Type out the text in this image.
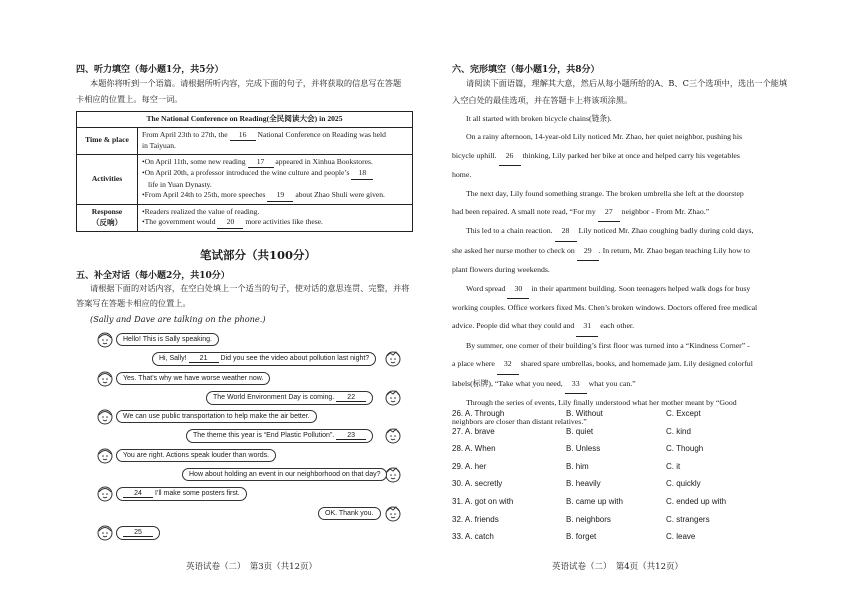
四、听力填空（每小题1分，共5分）
本题你将听到一个语篇。请根据所听内容，完成下面的句子，并将获取的信息写在答题
卡相应的位置上。每空一词。
The National Conference on Reading(全民阅读大会) in 2025	
Time & place	From April 23th to 27th, the 16 National Conference on Reading was held
in Taiyuan.
Activities	•On April 11th, some new reading 17 appeared in Xinhua Bookstores.
•On April 20th, a professor introduced the wine culture and people’s 18
life in Yuan Dynasty.
•From April 24th to 25th, more speeches 19 about Zhao Shuli were given.
Response
（反响）	•Readers realized the value of reading.
•The government would 20 more activities like these.
笔试部分（共100分）
五、补全对话（每小题2分，共10分）
请根据下面的对话内容，在空白处填上一个适当的句子，使对话的意思连贯、完整，并将
答案写在答题卡相应的位置上。
(Sally and Dave are talking on the phone.)
Hello! This is Sally speaking.
Hi, Sally! 21 Did you see the video about pollution last night?
Yes. That’s why we have worse weather now.
The World Environment Day is coming. 22
We can use public transportation to help make the air better.
The theme this year is “End Plastic Pollution”. 23
You are right. Actions speak louder than words.
How about holding an event in our neighborhood on that day?
24 I’ll make some posters first.
OK. Thank you.
25
英语试卷（二）　第3页（共12页）
六、完形填空（每小题1分，共8分）
请阅读下面语篇，理解其大意，然后从每小题所给的A、B、C三个选项中，选出一个能填
入空白处的最佳选项，并在答题卡上将该项涂黑。
It all started with broken bicycle chains(链条).
On a rainy afternoon, 14-year-old Lily noticed Mr. Zhao, her quiet neighbor, pushing his
bicycle uphill. 26 thinking, Lily parked her bike at once and helped carry his vegetables
home.
The next day, Lily found something strange. The broken umbrella she left at the doorstep
had been repaired. A small note read, “For my 27 neighbor - From Mr. Zhao.”
This led to a chain reaction. 28 Lily noticed Mr. Zhao coughing badly during cold days,
she asked her nurse mother to check on 29 . In return, Mr. Zhao began teaching Lily how to
plant flowers during weekends.
Word spread 30 in their apartment building. Soon teenagers helped walk dogs for busy
working couples. Office workers fixed Ms. Chen’s broken windows. Doctors offered free medical
advice. People did what they could and 31 each other.
By summer, one corner of their building’s first floor was turned into a “Kindness Corner” -
a place where 32 shared spare umbrellas, books, and homemade jam. Lily designed colorful
labels(标牌), “Take what you need, 33 what you can.”
Through the series of events, Lily finally understood what her mother meant by “Good
neighbors are closer than distant relatives.”
26. A. Through	B. Without	C. Except
27. A. brave	B. quiet	C. kind
28. A. When	B. Unless	C. Though
29. A. her	B. him	C. it
30. A. secretly	B. heavily	C. quickly
31. A. got on with	B. came up with	C. ended up with
32. A. friends	B. neighbors	C. strangers
33. A. catch	B. forget	C. leave
英语试卷（二）　第4页（共12页）
